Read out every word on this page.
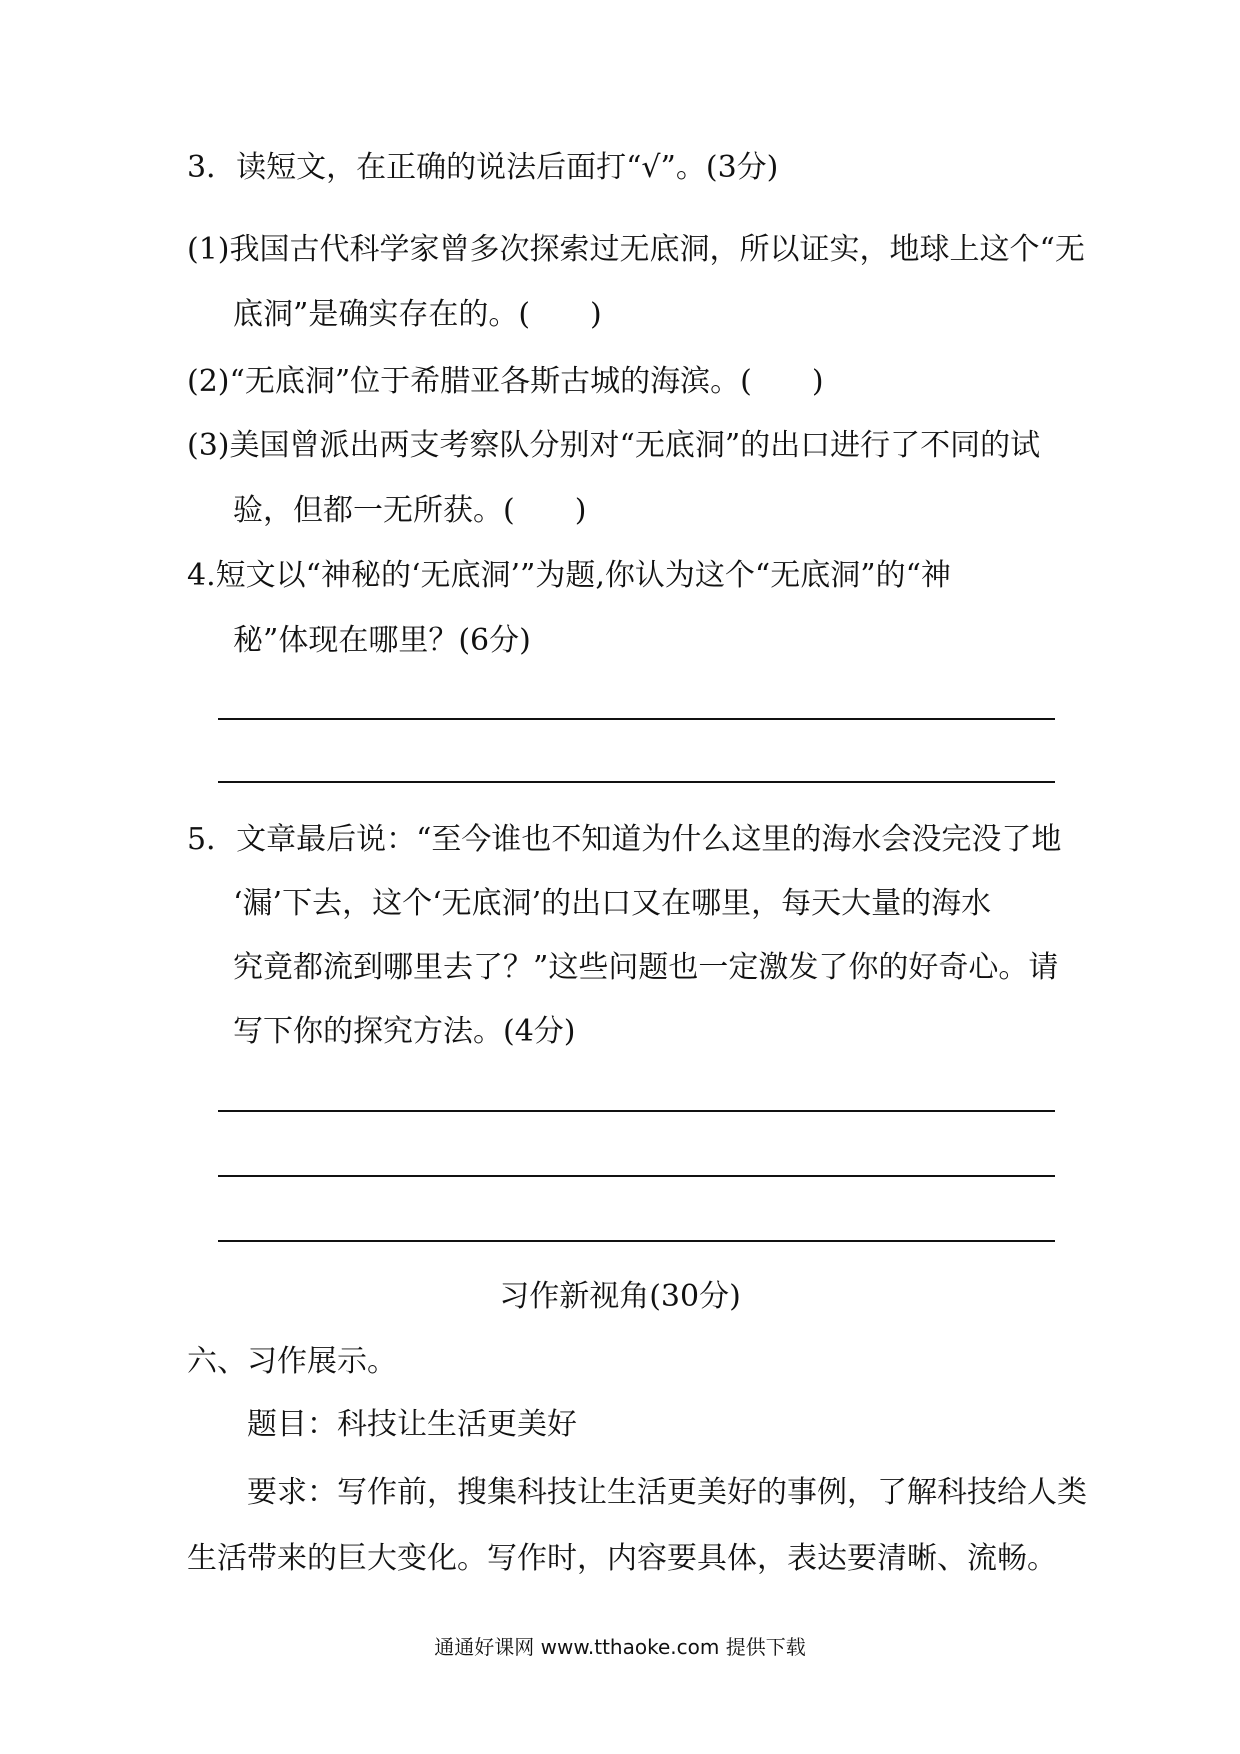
3．读短文，在正确的说法后面打“√”。(3分)
(1)我国古代科学家曾多次探索过无底洞，所以证实，地球上这个“无
底洞”是确实存在的。(　　)
(2)“无底洞”位于希腊亚各斯古城的海滨。(　　)
(3)美国曾派出两支考察队分别对“无底洞”的出口进行了不同的试
验，但都一无所获。(　　)
4.短文以“神秘的‘无底洞’”为题,你认为这个“无底洞”的“神
秘”体现在哪里？(6分)
5．文章最后说：“至今谁也不知道为什么这里的海水会没完没了地
‘漏’下去，这个‘无底洞’的出口又在哪里，每天大量的海水
究竟都流到哪里去了？”这些问题也一定激发了你的好奇心。请
写下你的探究方法。(4分)
习作新视角(30分)
六、习作展示。
题目：科技让生活更美好
要求：写作前，搜集科技让生活更美好的事例，了解科技给人类
生活带来的巨大变化。写作时，内容要具体，表达要清晰、流畅。
通通好课网 www.tthaoke.com 提供下载
